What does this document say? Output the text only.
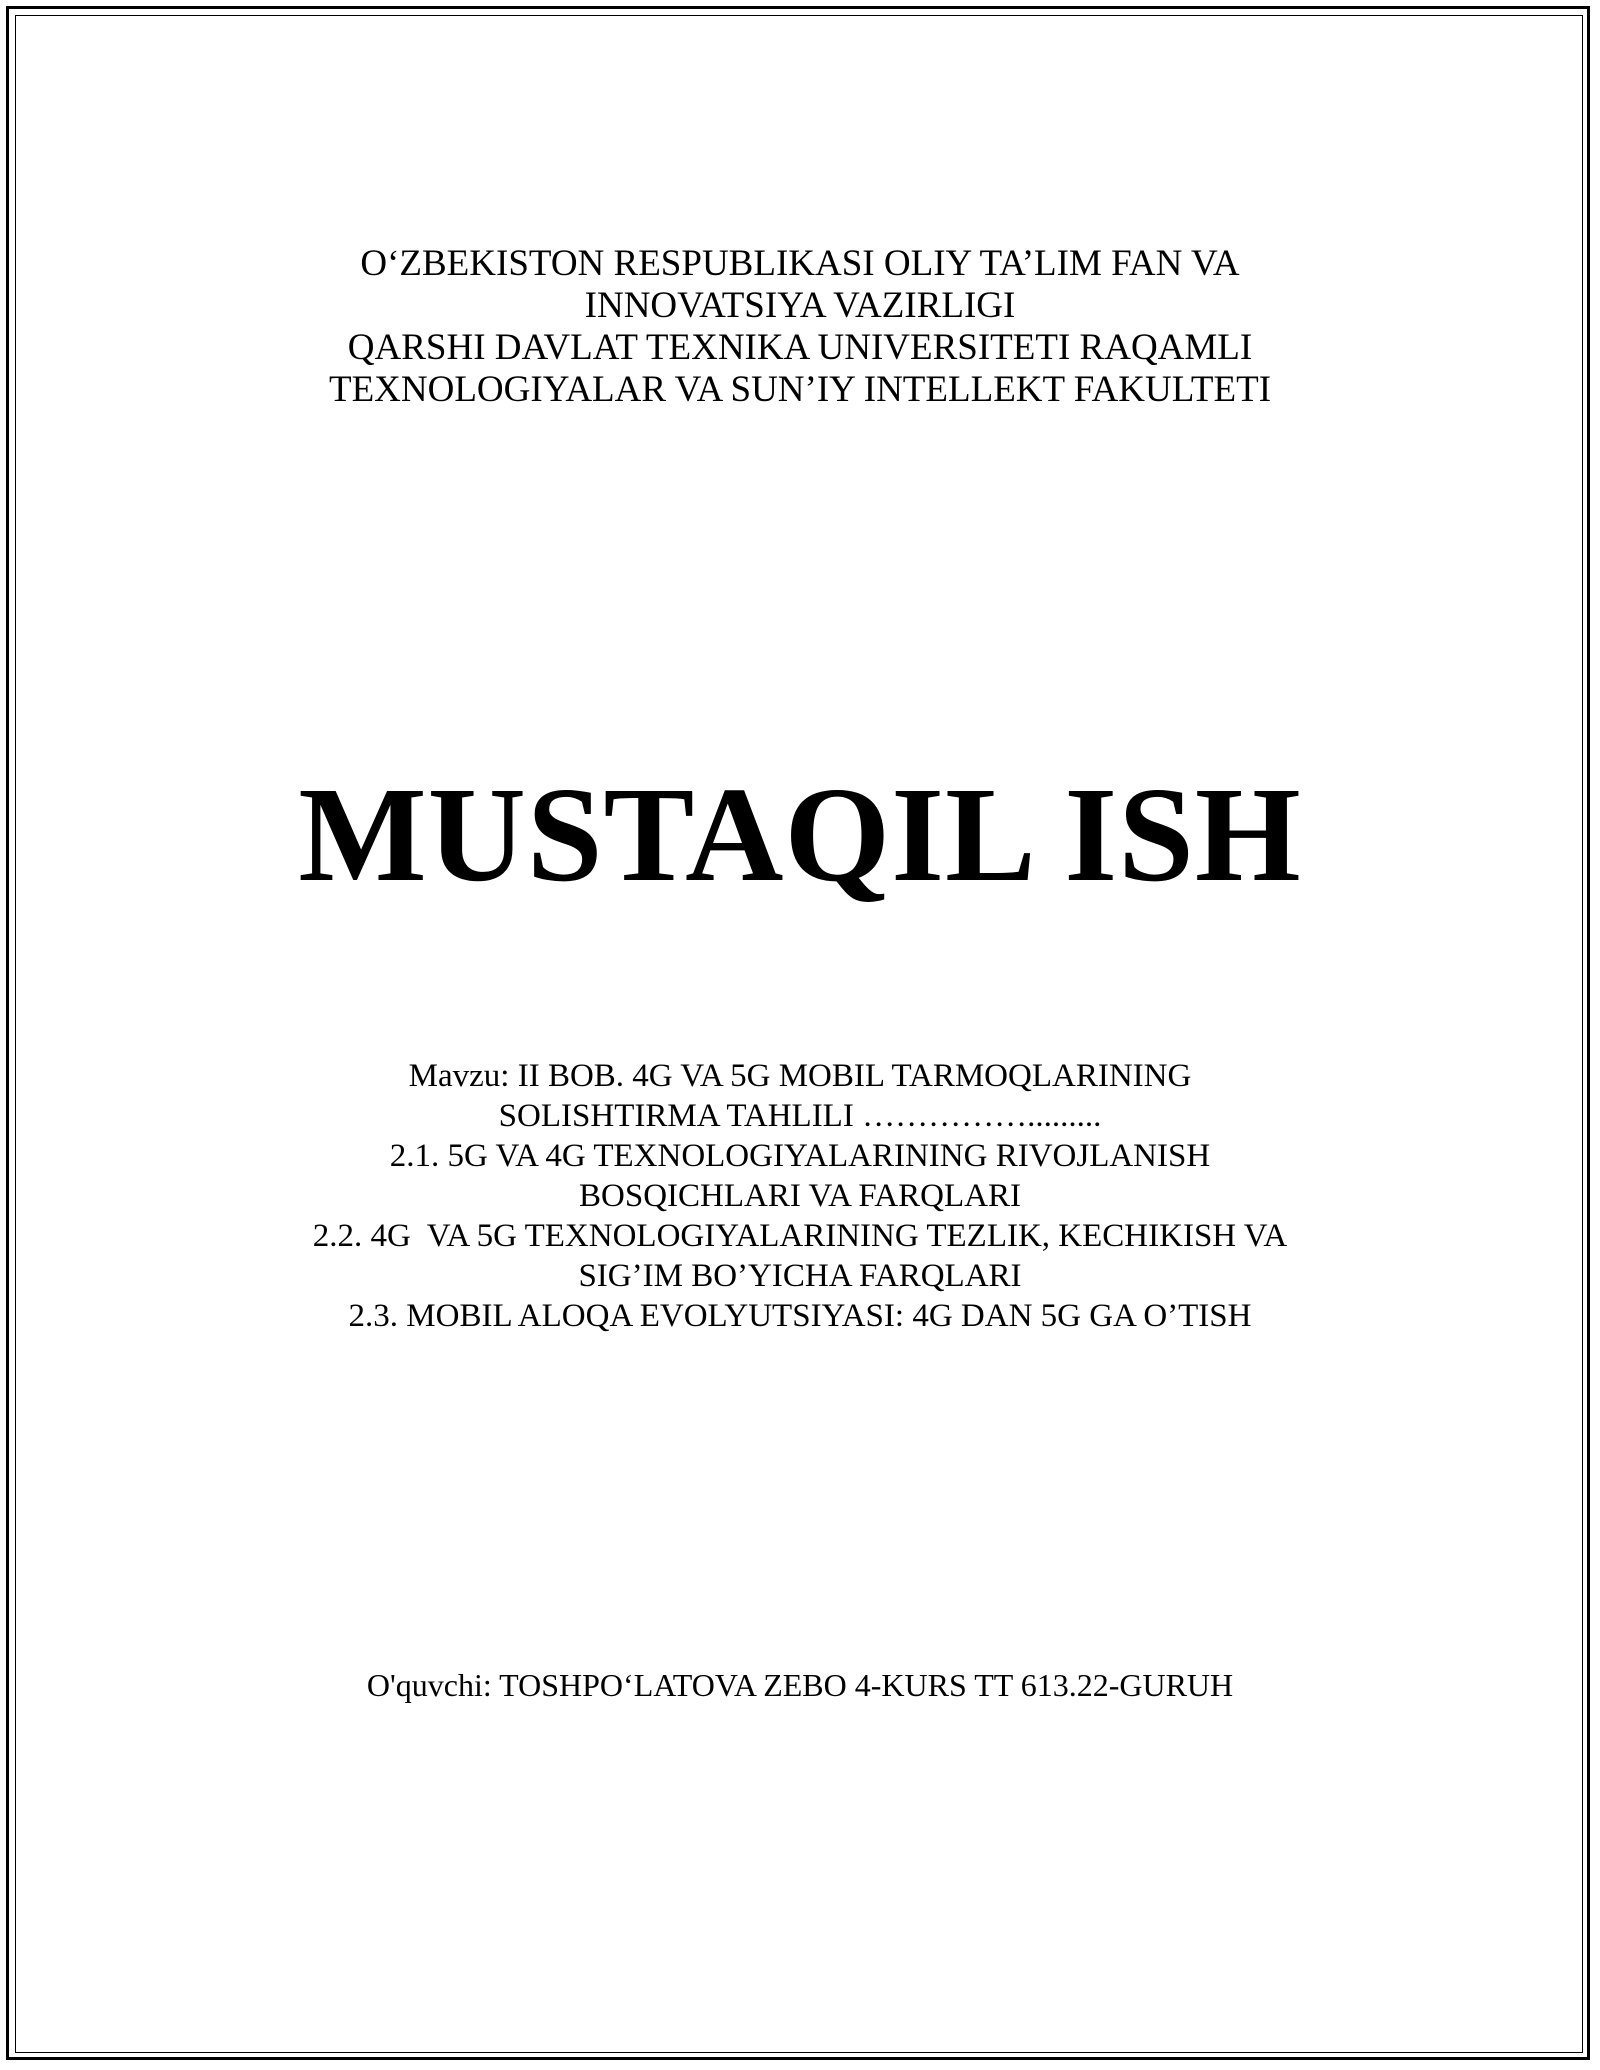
O‘ZBEKISTON RESPUBLIKASI OLIY TA’LIM FAN VA
INNOVATSIYA VAZIRLIGI
QARSHI DAVLAT TEXNIKA UNIVERSITETI RAQAMLI
TEXNOLOGIYALAR VA SUN’IY INTELLEKT FAKULTETI
MUSTAQIL ISH
Mavzu: II BOB. 4G VA 5G MOBIL TARMOQLARINING
SOLISHTIRMA TAHLILI …………….........
2.1. 5G VA 4G TEXNOLOGIYALARINING RIVOJLANISH
BOSQICHLARI VA FARQLARI
2.2. 4G  VA 5G TEXNOLOGIYALARINING TEZLIK, KECHIKISH VA
SIG’IM BO’YICHA FARQLARI
2.3. MOBIL ALOQA EVOLYUTSIYASI: 4G DAN 5G GA O’TISH
O'quvchi: TOSHPO‘LATOVA ZEBO 4-KURS TT 613.22-GURUH
